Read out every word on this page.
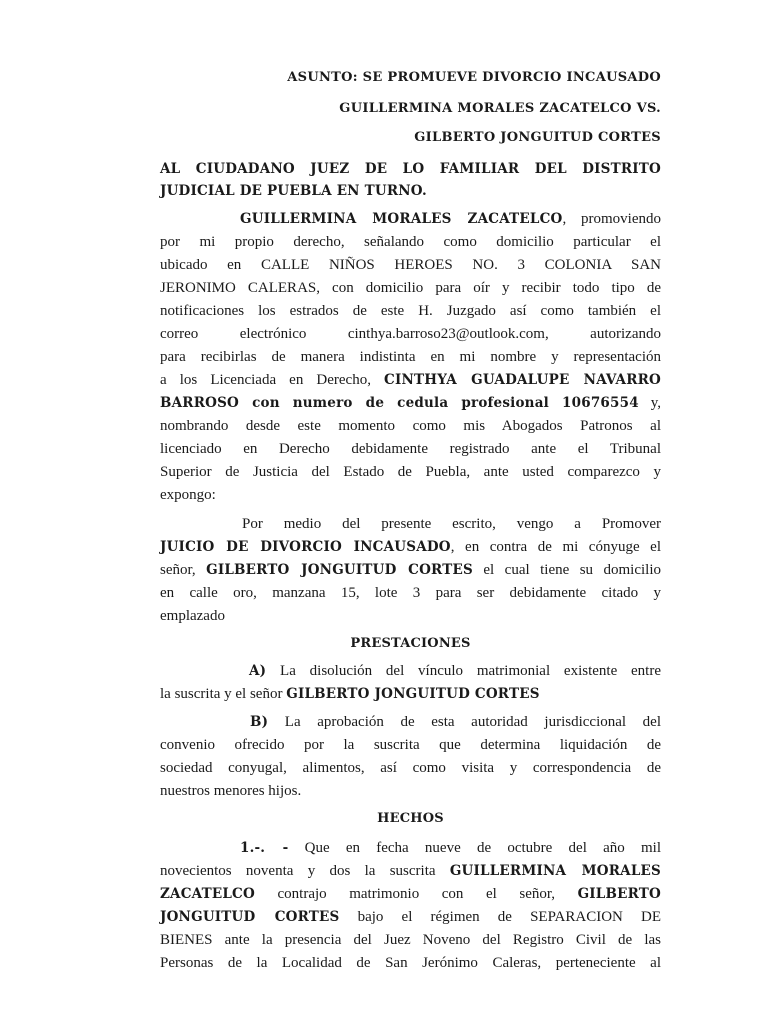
ASUNTO: SE PROMUEVE DIVORCIO INCAUSADO
GUILLERMINA MORALES ZACATELCO VS.
GILBERTO JONGUITUD CORTES
AL CIUDADANO JUEZ DE LO FAMILIAR DEL DISTRITO
JUDICIAL DE PUEBLA EN TURNO.
GUILLERMINA MORALES ZACATELCO, promoviendo
por mi propio derecho, señalando como domicilio particular el
ubicado en CALLE NIÑOS HEROES NO. 3 COLONIA SAN
JERONIMO CALERAS, con domicilio para oír y recibir todo tipo de
notificaciones los estrados de este H. Juzgado así como también el
correo electrónico cinthya.barroso23@outlook.com, autorizando
para recibirlas de manera indistinta en mi nombre y representación
a los Licenciada en Derecho, CINTHYA GUADALUPE NAVARRO
BARROSO con numero de cedula profesional 10676554 y,
nombrando desde este momento como mis Abogados Patronos al
licenciado en Derecho debidamente registrado ante el Tribunal
Superior de Justicia del Estado de Puebla, ante usted comparezco y
expongo:
Por medio del presente escrito, vengo a Promover
JUICIO DE DIVORCIO INCAUSADO, en contra de mi cónyuge el
señor, GILBERTO JONGUITUD CORTES el cual tiene su domicilio
en calle oro, manzana 15, lote 3 para ser debidamente citado y
emplazado
PRESTACIONES
A) La disolución del vínculo matrimonial existente entre
la suscrita y el señor GILBERTO JONGUITUD CORTES
B) La aprobación de esta autoridad jurisdiccional del
convenio ofrecido por la suscrita que determina liquidación de
sociedad conyugal, alimentos, así como visita y correspondencia de
nuestros menores hijos.
HECHOS
1.-. - Que en fecha nueve de octubre del año mil
novecientos noventa y dos la suscrita GUILLERMINA MORALES
ZACATELCO contrajo matrimonio con el señor, GILBERTO
JONGUITUD CORTES bajo el régimen de SEPARACION DE
BIENES ante la presencia del Juez Noveno del Registro Civil de las
Personas de la Localidad de San Jerónimo Caleras, perteneciente al
